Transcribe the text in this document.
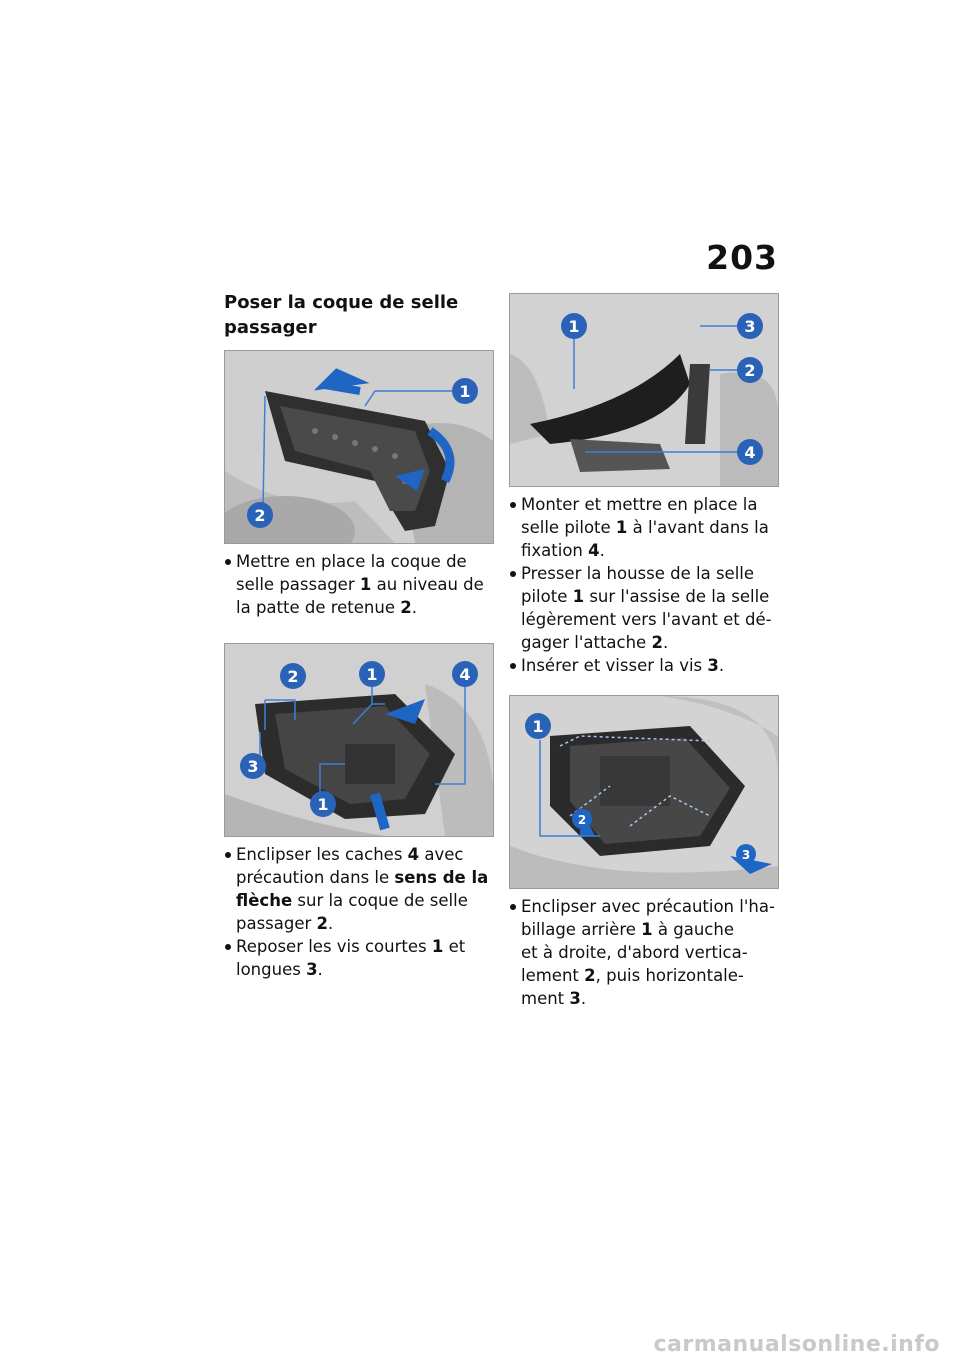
203
Poser la coque de selle
passager
1
2
Mettre en place la coque de
selle passager 1 au niveau de
la patte de retenue 2.
2	1	4
3
1
Enclipser les caches 4 avec
précaution dans le sens de la
flèche sur la coque de selle
passager 2.
Reposer les vis courtes 1 et
longues 3.
1	3
2
4
Monter et mettre en place la
selle pilote 1 à l'avant dans la
fixation 4.
Presser la housse de la selle
pilote 1 sur l'assise de la selle
légèrement vers l'avant et dé-
gager l'attache 2.
Insérer et visser la vis 3.
1
2
3
Enclipser avec précaution l'ha-
billage arrière 1 à gauche
et à droite, d'abord vertica-
lement 2, puis horizontale-
ment 3.
carmanualsonline.info
